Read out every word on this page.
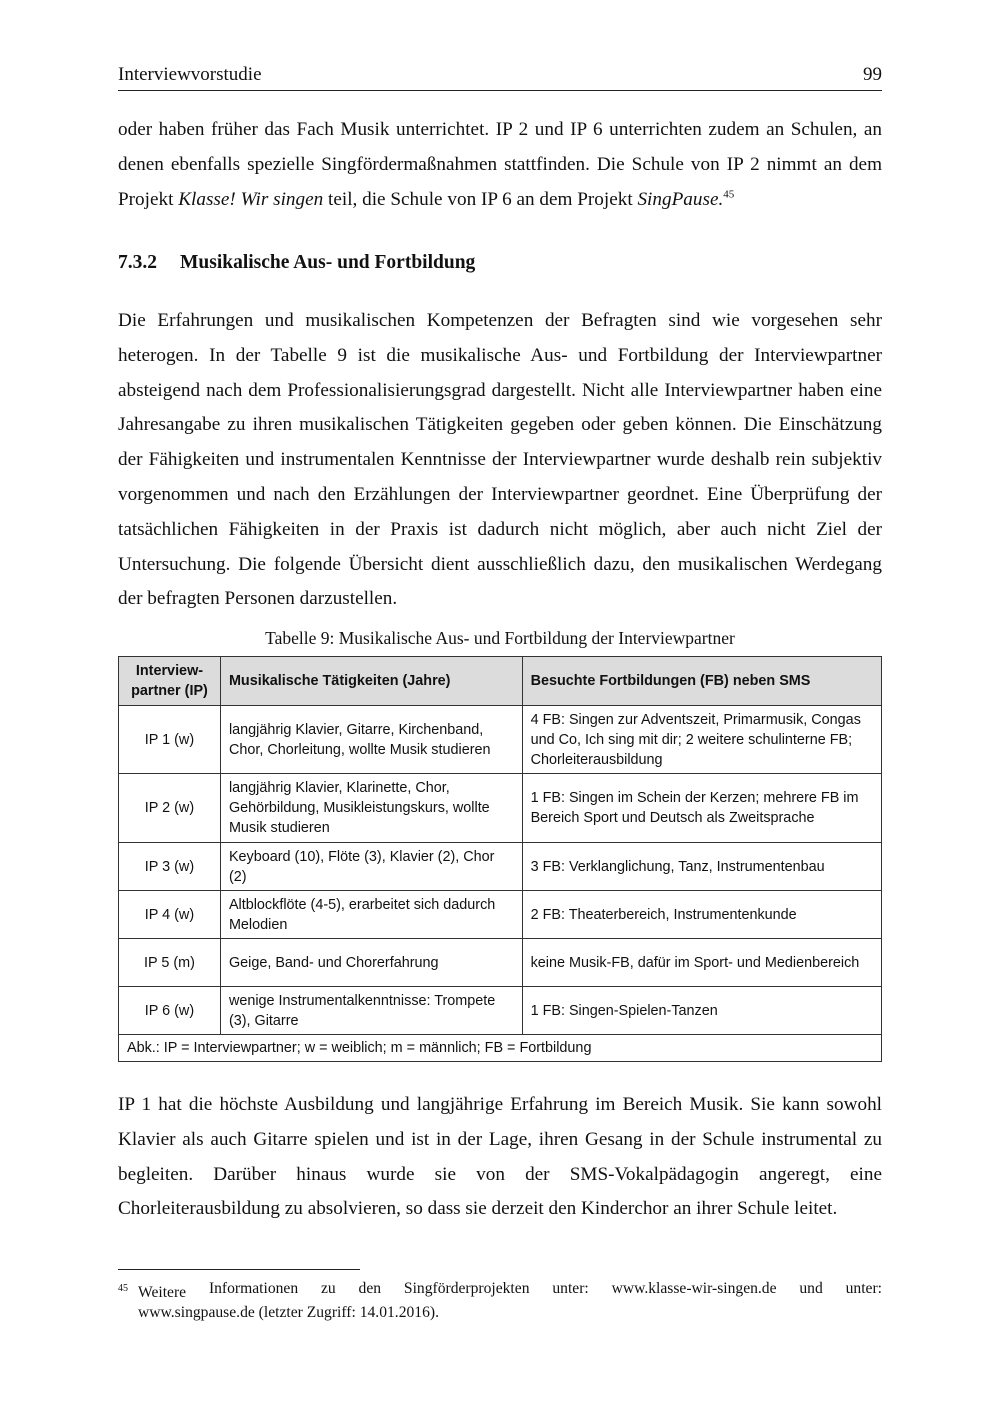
Interviewvorstudie	99

oder haben früher das Fach Musik unterrichtet. IP 2 und IP 6 unterrichten zudem an Schulen, an denen ebenfalls spezielle Singfördermaßnahmen stattfinden. Die Schule von IP 2 nimmt an dem Projekt Klasse! Wir singen teil, die Schule von IP 6 an dem Projekt SingPause.$^{45}$

7.3.2 Musikalische Aus- und Fortbildung

Die Erfahrungen und musikalischen Kompetenzen der Befragten sind wie vorgesehen sehr heterogen. In der Tabelle 9 ist die musikalische Aus- und Fortbildung der Interviewpartner absteigend nach dem Professionalisierungsgrad dargestellt. Nicht alle Interviewpartner haben eine Jahresangabe zu ihren musikalischen Tätigkeiten gegeben oder geben können. Die Einschätzung der Fähigkeiten und instrumentalen Kenntnisse der Interviewpartner wurde deshalb rein subjektiv vorgenommen und nach den Erzählungen der Interviewpartner geordnet. Eine Überprüfung der tatsächlichen Fähigkeiten in der Praxis ist dadurch nicht möglich, aber auch nicht Ziel der Untersuchung. Die folgende Übersicht dient ausschließlich dazu, den musikalischen Werdegang der befragten Personen darzustellen.

Tabelle 9: Musikalische Aus- und Fortbildung der Interviewpartner
Interview-
partner (IP)	Musikalische Tätigkeiten (Jahre)	Besuchte Fortbildungen (FB) neben SMS
IP 1 (w)	langjährig Klavier, Gitarre, Kirchenband, Chor, Chorleitung, wollte Musik studieren	4 FB: Singen zur Adventszeit, Primarmusik, Congas und Co, Ich sing mit dir; 2 weitere schulinterne FB; Chorleiterausbildung
IP 2 (w)	langjährig Klavier, Klarinette, Chor, Gehörbildung, Musikleistungskurs, wollte Musik studieren	1 FB: Singen im Schein der Kerzen; mehrere FB im Bereich Sport und Deutsch als Zweitsprache
IP 3 (w)	Keyboard (10), Flöte (3), Klavier (2), Chor (2)	3 FB: Verklanglichung, Tanz, Instrumentenbau
IP 4 (w)	Altblockflöte (4-5), erarbeitet sich dadurch Melodien	2 FB: Theaterbereich, Instrumentenkunde
IP 5 (m)	Geige, Band- und Chorerfahrung	keine Musik-FB, dafür im Sport- und Medienbereich
IP 6 (w)	wenige Instrumentalkenntnisse: Trompete (3), Gitarre	1 FB: Singen-Spielen-Tanzen
Abk.: IP = Interviewpartner; w = weiblich; m = männlich; FB = Fortbildung		

IP 1 hat die höchste Ausbildung und langjährige Erfahrung im Bereich Musik. Sie kann sowohl Klavier als auch Gitarre spielen und ist in der Lage, ihren Gesang in der Schule instrumental zu begleiten. Darüber hinaus wurde sie von der SMS-Vokalpädagogin angeregt, eine Chorleiterausbildung zu absolvieren, so dass sie derzeit den Kinderchor an ihrer Schule leitet.

$^{45}$ Weitere Informationen zu den Singförderprojekten unter: www.klasse-wir-singen.de und unter:
www.singpause.de (letzter Zugriff: 14.01.2016).
